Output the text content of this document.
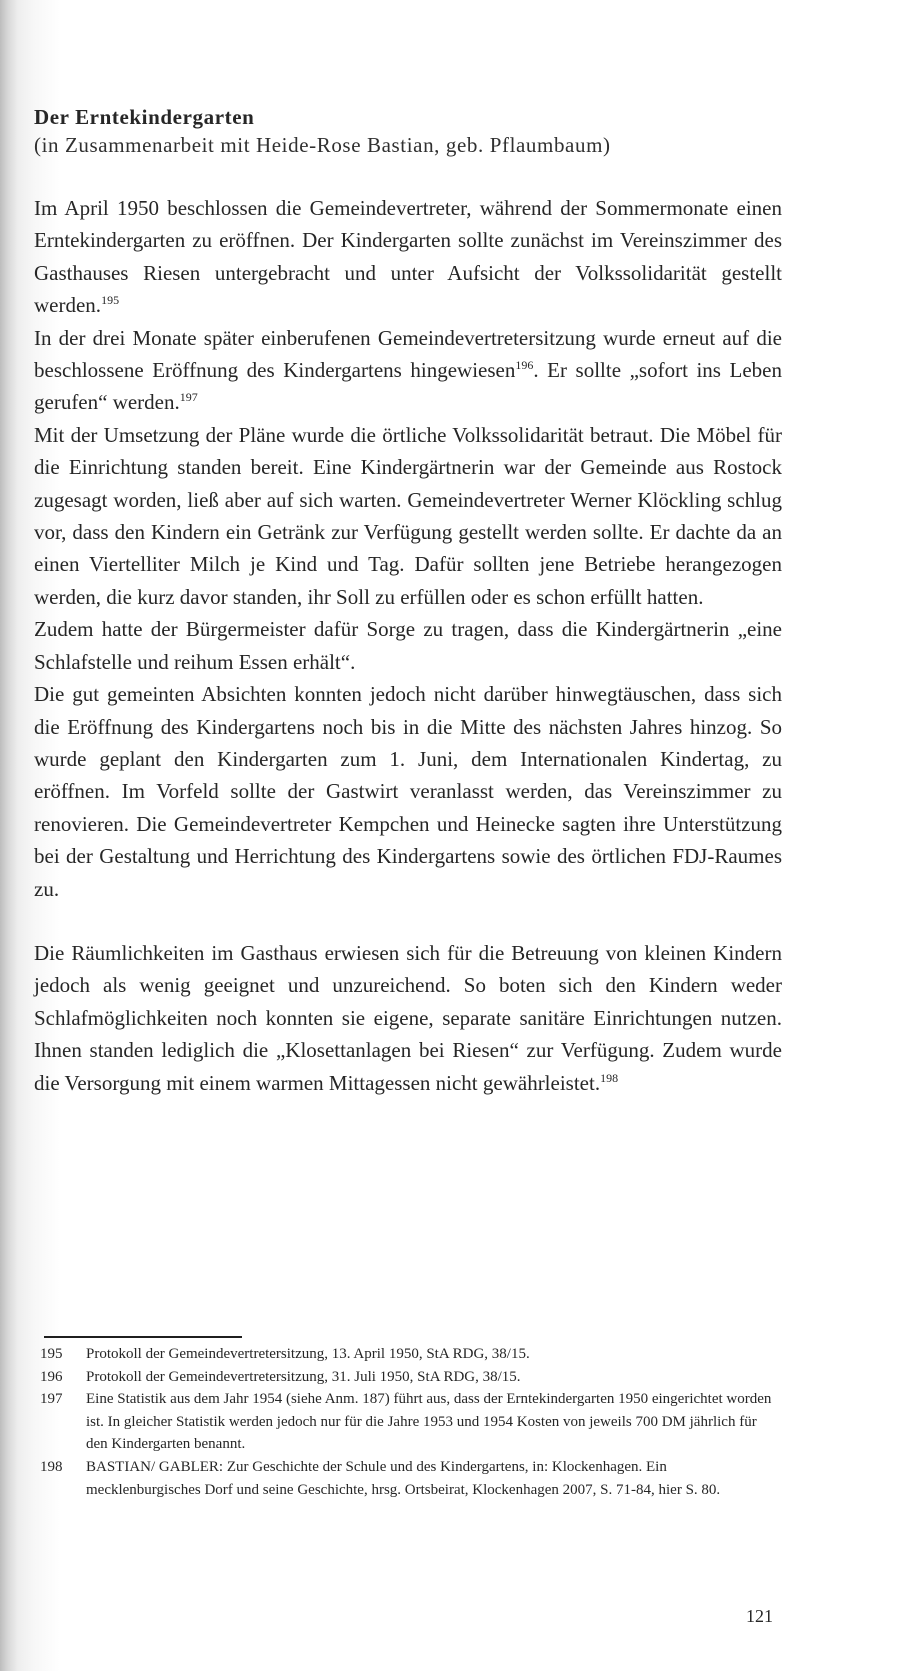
Der Erntekindergarten

(in Zusammenarbeit mit Heide-Rose Bastian, geb. Pflaumbaum)

Im April 1950 beschlossen die Gemeindevertreter, während der Sommermonate einen Erntekindergarten zu eröffnen. Der Kindergarten sollte zunächst im Vereinszimmer des Gasthauses Riesen untergebracht und unter Aufsicht der Volkssolidarität gestellt werden.$^{195}$

In der drei Monate später einberufenen Gemeindevertretersitzung wurde erneut auf die beschlossene Eröffnung des Kindergartens hingewiesen$^{196}$. Er sollte „sofort ins Leben gerufen“ werden.$^{197}$

Mit der Umsetzung der Pläne wurde die örtliche Volkssolidarität betraut. Die Möbel für die Einrichtung standen bereit. Eine Kindergärtnerin war der Gemeinde aus Rostock zugesagt worden, ließ aber auf sich warten. Gemeindevertreter Werner Klöckling schlug vor, dass den Kindern ein Getränk zur Verfügung gestellt werden sollte. Er dachte da an einen Viertelliter Milch je Kind und Tag. Dafür sollten jene Betriebe herangezogen werden, die kurz davor standen, ihr Soll zu erfüllen oder es schon erfüllt hatten.

Zudem hatte der Bürgermeister dafür Sorge zu tragen, dass die Kindergärtnerin „eine Schlafstelle und reihum Essen erhält“.

Die gut gemeinten Absichten konnten jedoch nicht darüber hinwegtäuschen, dass sich die Eröffnung des Kindergartens noch bis in die Mitte des nächsten Jahres hinzog. So wurde geplant den Kindergarten zum 1. Juni, dem Internationalen Kindertag, zu eröffnen. Im Vorfeld sollte der Gastwirt veranlasst werden, das Vereinszimmer zu renovieren. Die Gemeindevertreter Kempchen und Heinecke sagten ihre Unterstützung bei der Gestaltung und Herrichtung des Kindergartens sowie des örtlichen FDJ-Raumes zu.

Die Räumlichkeiten im Gasthaus erwiesen sich für die Betreuung von kleinen Kindern jedoch als wenig geeignet und unzureichend. So boten sich den Kindern weder Schlafmöglichkeiten noch konnten sie eigene, separate sanitäre Einrichtungen nutzen. Ihnen standen lediglich die „Klosettanlagen bei Riesen“ zur Verfügung. Zudem wurde die Versorgung mit einem warmen Mittagessen nicht gewährleistet.$^{198}$

195	Protokoll der Gemeindevertretersitzung, 13. April 1950, StA RDG, 38/15.
196	Protokoll der Gemeindevertretersitzung, 31. Juli 1950, StA RDG, 38/15.
197	Eine Statistik aus dem Jahr 1954 (siehe Anm. 187) führt aus, dass der Erntekindergarten 1950 eingerichtet worden ist. In gleicher Statistik werden jedoch nur für die Jahre 1953 und 1954 Kosten von jeweils 700 DM jährlich für den Kindergarten benannt.
198	BASTIAN/ GABLER: Zur Geschichte der Schule und des Kindergartens, in: Klockenhagen. Ein mecklenburgisches Dorf und seine Geschichte, hrsg. Ortsbeirat, Klockenhagen 2007, S. 71-84, hier S. 80.
121
